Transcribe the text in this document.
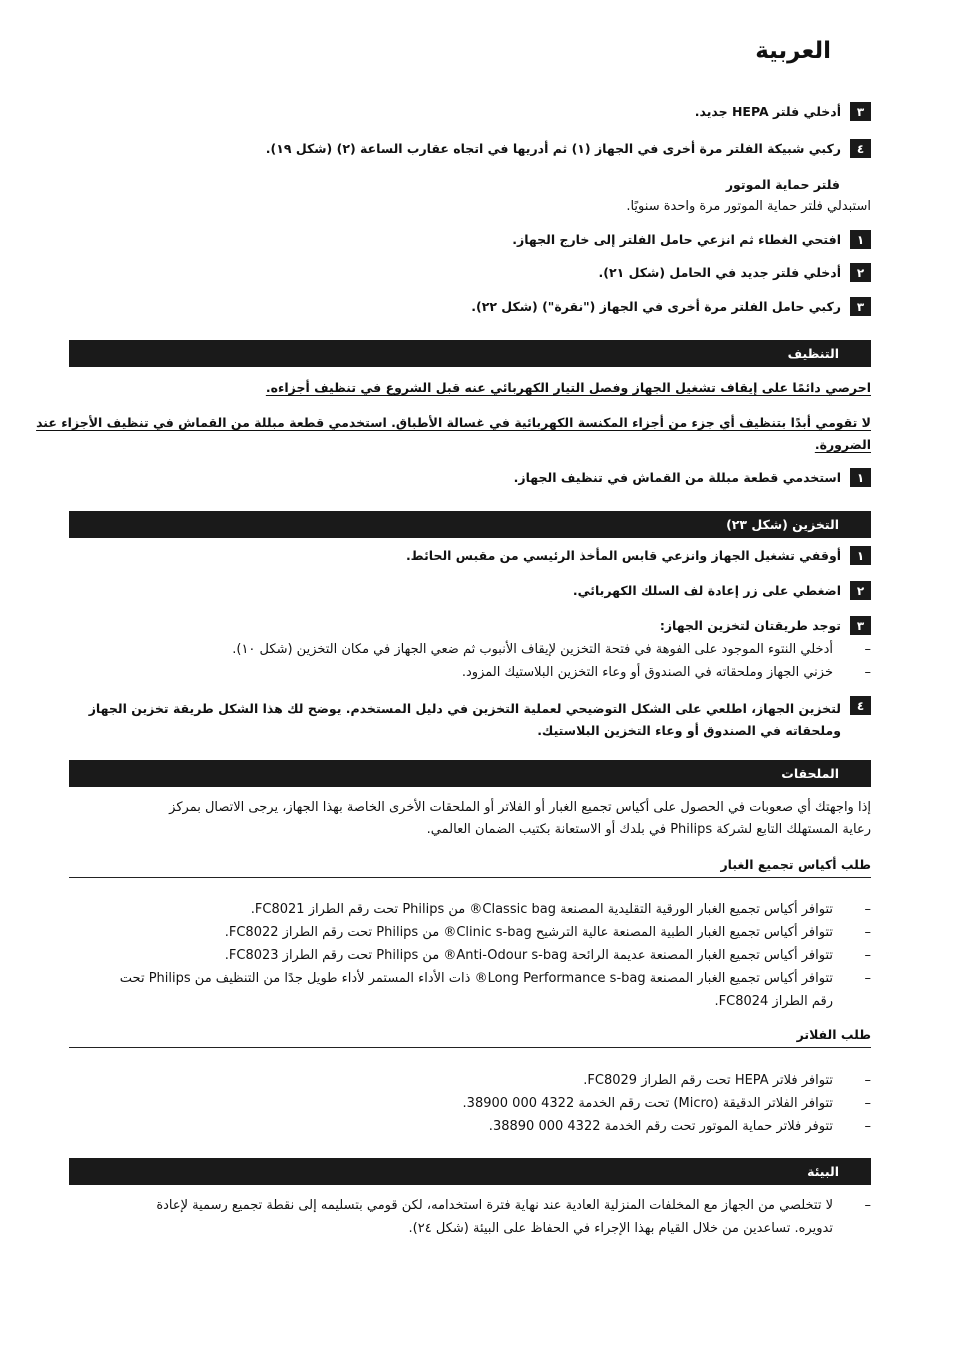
العربية
٣
أدخلي فلتر HEPA جديد.
٤
ركبي شبيكة الفلتر مرة أخرى في الجهاز (١) ثم أدريها في اتجاه عقارب الساعة (٢) (شكل ١٩).
فلتر حماية الموتور
استبدلي فلتر حماية الموتور مرة واحدة سنويًا.
١
افتحي الغطاء ثم انزعي حامل الفلتر إلى خارج الجهاز.
٢
أدخلي فلتر جديد في الحامل (شكل ٢١).
٣
ركبي حامل الفلتر مرة أخرى في الجهاز ("نقرة") (شكل ٢٢).
التنظيف
احرصي دائمًا على إيقاف تشغيل الجهاز وفصل التيار الكهربائي عنه قبل الشروع في تنظيف أجزاءه.
لا تقومي أبدًا بتنظيف أي جزء من أجزاء المكنسة الكهربائية في غسالة الأطباق. استخدمي قطعة مبللة من القماش في تنظيف الأجزاء عند
الضرورة.
١
استخدمي قطعة مبللة من القماش في تنظيف الجهاز.
التخزين (شكل ٢٣)
١
أوقفي تشغيل الجهاز وانزعي قابس المأخذ الرئيسي من مقبس الحائط.
٢
اضغطي على زر إعادة لف السلك الكهربائي.
٣
توجد طريقتان لتخزين الجهاز:
–
أدخلي النتوء الموجود على الفوهة في فتحة التخزين لإيقاف الأنبوب ثم ضعي الجهاز في مكان التخزين (شكل ١٠).
–
خزني الجهاز وملحقاته في الصندوق أو وعاء التخزين البلاستيك المزود.
٤
لتخزين الجهاز، اطلعي على الشكل التوضيحي لعملية التخزين في دليل المستخدم. يوضح لك هذا الشكل طريقة تخزين الجهاز
وملحقاته في الصندوق أو وعاء التخزين البلاستيك.
الملحقات
إذا واجهتك أي صعوبات في الحصول على أكياس تجميع الغبار أو الفلاتر أو الملحقات الأخرى الخاصة بهذا الجهاز، يرجى الاتصال بمركز
رعاية المستهلك التابع لشركة Philips في بلدك أو الاستعانة بكتيب الضمان العالمي.
طلب أكياس تجميع الغبار
–
تتوافر أكياس تجميع الغبار الورقية التقليدية المصنعة Classic bag® من Philips تحت رقم الطراز FC8021.
–
تتوافر أكياس تجميع الغبار الطبية المصنعة عالية الترشيح Clinic s-bag® من Philips تحت رقم الطراز FC8022.
–
تتوافر أكياس تجميع الغبار المصنعة عديمة الرائحة Anti-Odour s-bag® من Philips تحت رقم الطراز FC8023.
–
تتوافر أكياس تجميع الغبار المصنعة Long Performance s-bag® ذات الأداء المستمر لأداء طويل جدًا من التنظيف من Philips تحت
رقم الطراز FC8024.
طلب الفلاتر
–
تتوافر فلاتر HEPA تحت رقم الطراز FC8029.
–
تتوافر الفلاتر الدقيقة (Micro) تحت رقم الخدمة 4322 000 38900.
–
تتوفر فلاتر حماية الموتور تحت رقم الخدمة 4322 000 38890.
البيئة
–
لا تتخلصي من الجهاز مع المخلفات المنزلية العادية عند نهاية فترة استخدامه، لكن قومي بتسليمه إلى نقطة تجميع رسمية لإعادة
تدويره. تساعدين من خلال القيام بهذا الإجراء في الحفاظ على البيئة (شكل ٢٤).
